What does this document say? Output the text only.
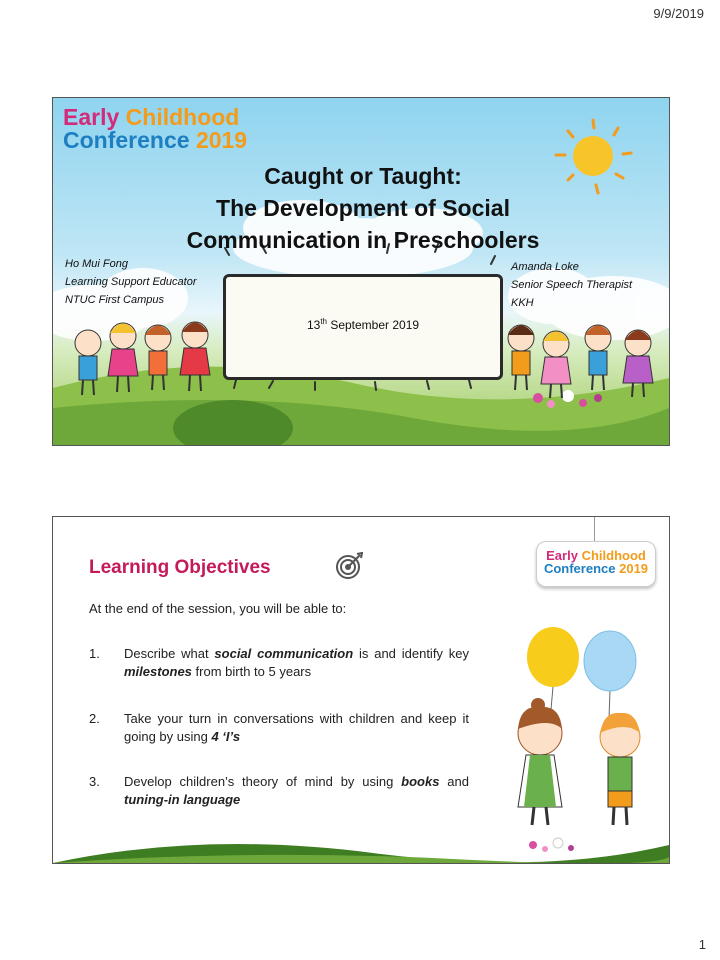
9/9/2019
Early Childhood
Conference 2019
Caught or Taught:
The Development of Social
Communication in Preschoolers
Ho Mui Fong
Learning Support Educator
NTUC First Campus
Amanda Loke
Senior Speech Therapist
KKH
13th September 2019
Early Childhood
Conference 2019
Learning Objectives
At the end of the session, you will be able to:
1. Describe what social communication is and identify key milestones from birth to 5 years
2. Take your turn in conversations with children and keep it going by using 4 ‘I’s
3. Develop children’s theory of mind by using books and tuning-in language
1
